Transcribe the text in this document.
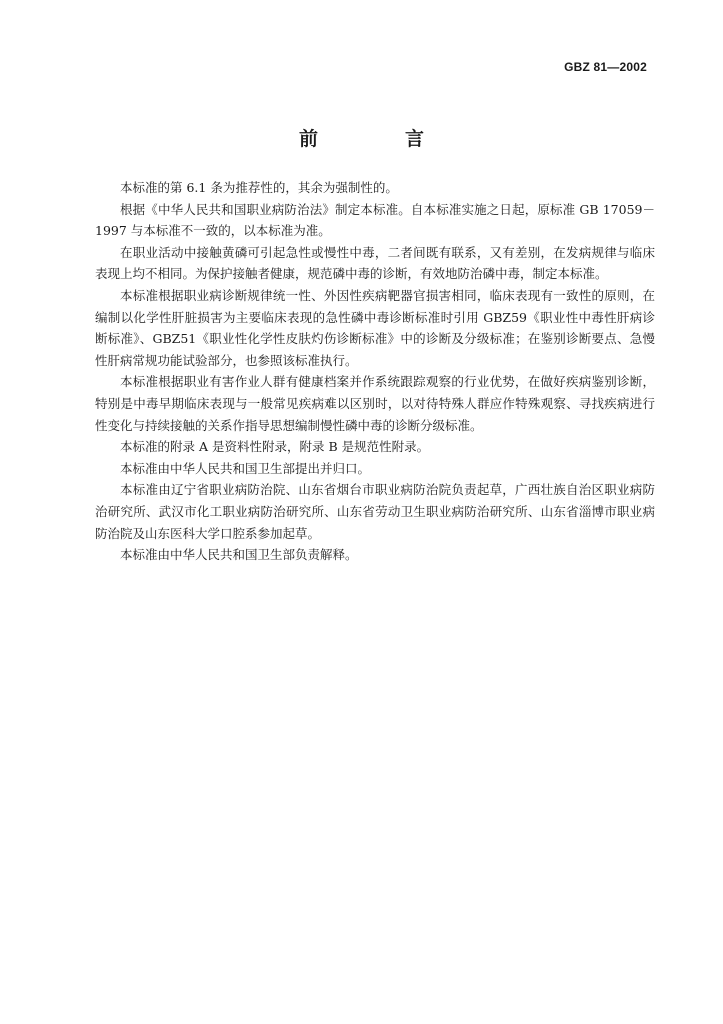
GBZ 81—2002
前　言

本标准的第 6.1 条为推荐性的，其余为强制性的。

根据《中华人民共和国职业病防治法》制定本标准。自本标准实施之日起，原标准 GB 17059－1997 与本标准不一致的，以本标准为准。

在职业活动中接触黄磷可引起急性或慢性中毒，二者间既有联系，又有差别，在发病规律与临床表现上均不相同。为保护接触者健康，规范磷中毒的诊断，有效地防治磷中毒，制定本标准。

本标准根据职业病诊断规律统一性、外因性疾病靶器官损害相同，临床表现有一致性的原则，在编制以化学性肝脏损害为主要临床表现的急性磷中毒诊断标准时引用 GBZ59《职业性中毒性肝病诊断标准》、GBZ51《职业性化学性皮肤灼伤诊断标准》中的诊断及分级标准；在鉴别诊断要点、急慢性肝病常规功能试验部分，也参照该标准执行。

本标准根据职业有害作业人群有健康档案并作系统跟踪观察的行业优势，在做好疾病鉴别诊断，特别是中毒早期临床表现与一般常见疾病难以区别时，以对待特殊人群应作特殊观察、寻找疾病进行性变化与持续接触的关系作指导思想编制慢性磷中毒的诊断分级标准。

本标准的附录 A 是资料性附录，附录 B 是规范性附录。

本标准由中华人民共和国卫生部提出并归口。

本标准由辽宁省职业病防治院、山东省烟台市职业病防治院负责起草，广西壮族自治区职业病防治研究所、武汉市化工职业病防治研究所、山东省劳动卫生职业病防治研究所、山东省淄博市职业病防治院及山东医科大学口腔系参加起草。

本标准由中华人民共和国卫生部负责解释。
